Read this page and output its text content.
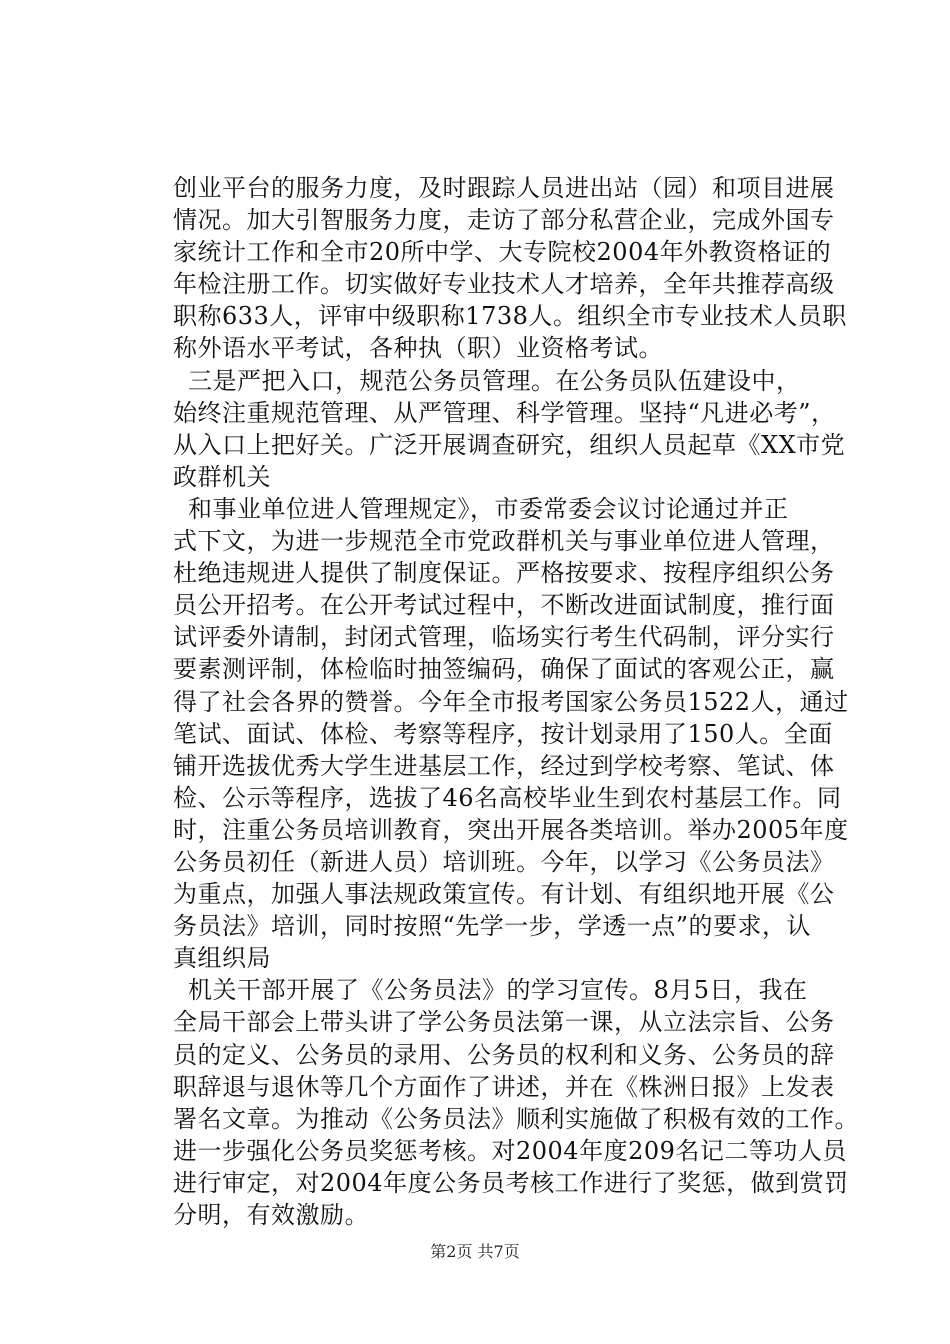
创业平台的服务力度，及时跟踪人员进出站（园）和项目进展

情况。加大引智服务力度，走访了部分私营企业，完成外国专

家统计工作和全市20所中学、大专院校2004年外教资格证的

年检注册工作。切实做好专业技术人才培养，全年共推荐高级

职称633人，评审中级职称1738人。组织全市专业技术人员职

称外语水平考试，各种执（职）业资格考试。

三是严把入口，规范公务员管理。在公务员队伍建设中，

始终注重规范管理、从严管理、科学管理。坚持“凡进必考”，

从入口上把好关。广泛开展调查研究，组织人员起草《XX市党

政群机关

和事业单位进人管理规定》，市委常委会议讨论通过并正

式下文，为进一步规范全市党政群机关与事业单位进人管理，

杜绝违规进人提供了制度保证。严格按要求、按程序组织公务

员公开招考。在公开考试过程中，不断改进面试制度，推行面

试评委外请制，封闭式管理，临场实行考生代码制，评分实行

要素测评制，体检临时抽签编码，确保了面试的客观公正，赢

得了社会各界的赞誉。今年全市报考国家公务员1522人，通过

笔试、面试、体检、考察等程序，按计划录用了150人。全面

铺开选拔优秀大学生进基层工作，经过到学校考察、笔试、体

检、公示等程序，选拔了46名高校毕业生到农村基层工作。同

时，注重公务员培训教育，突出开展各类培训。举办2005年度

公务员初任（新进人员）培训班。今年，以学习《公务员法》

为重点，加强人事法规政策宣传。有计划、有组织地开展《公

务员法》培训，同时按照“先学一步，学透一点”的要求，认

真组织局

机关干部开展了《公务员法》的学习宣传。8月5日，我在

全局干部会上带头讲了学公务员法第一课，从立法宗旨、公务

员的定义、公务员的录用、公务员的权利和义务、公务员的辞

职辞退与退休等几个方面作了讲述，并在《株洲日报》上发表

署名文章。为推动《公务员法》顺利实施做了积极有效的工作。

进一步强化公务员奖惩考核。对2004年度209名记二等功人员

进行审定，对2004年度公务员考核工作进行了奖惩，做到赏罚

分明，有效激励。

第2页 共7页
